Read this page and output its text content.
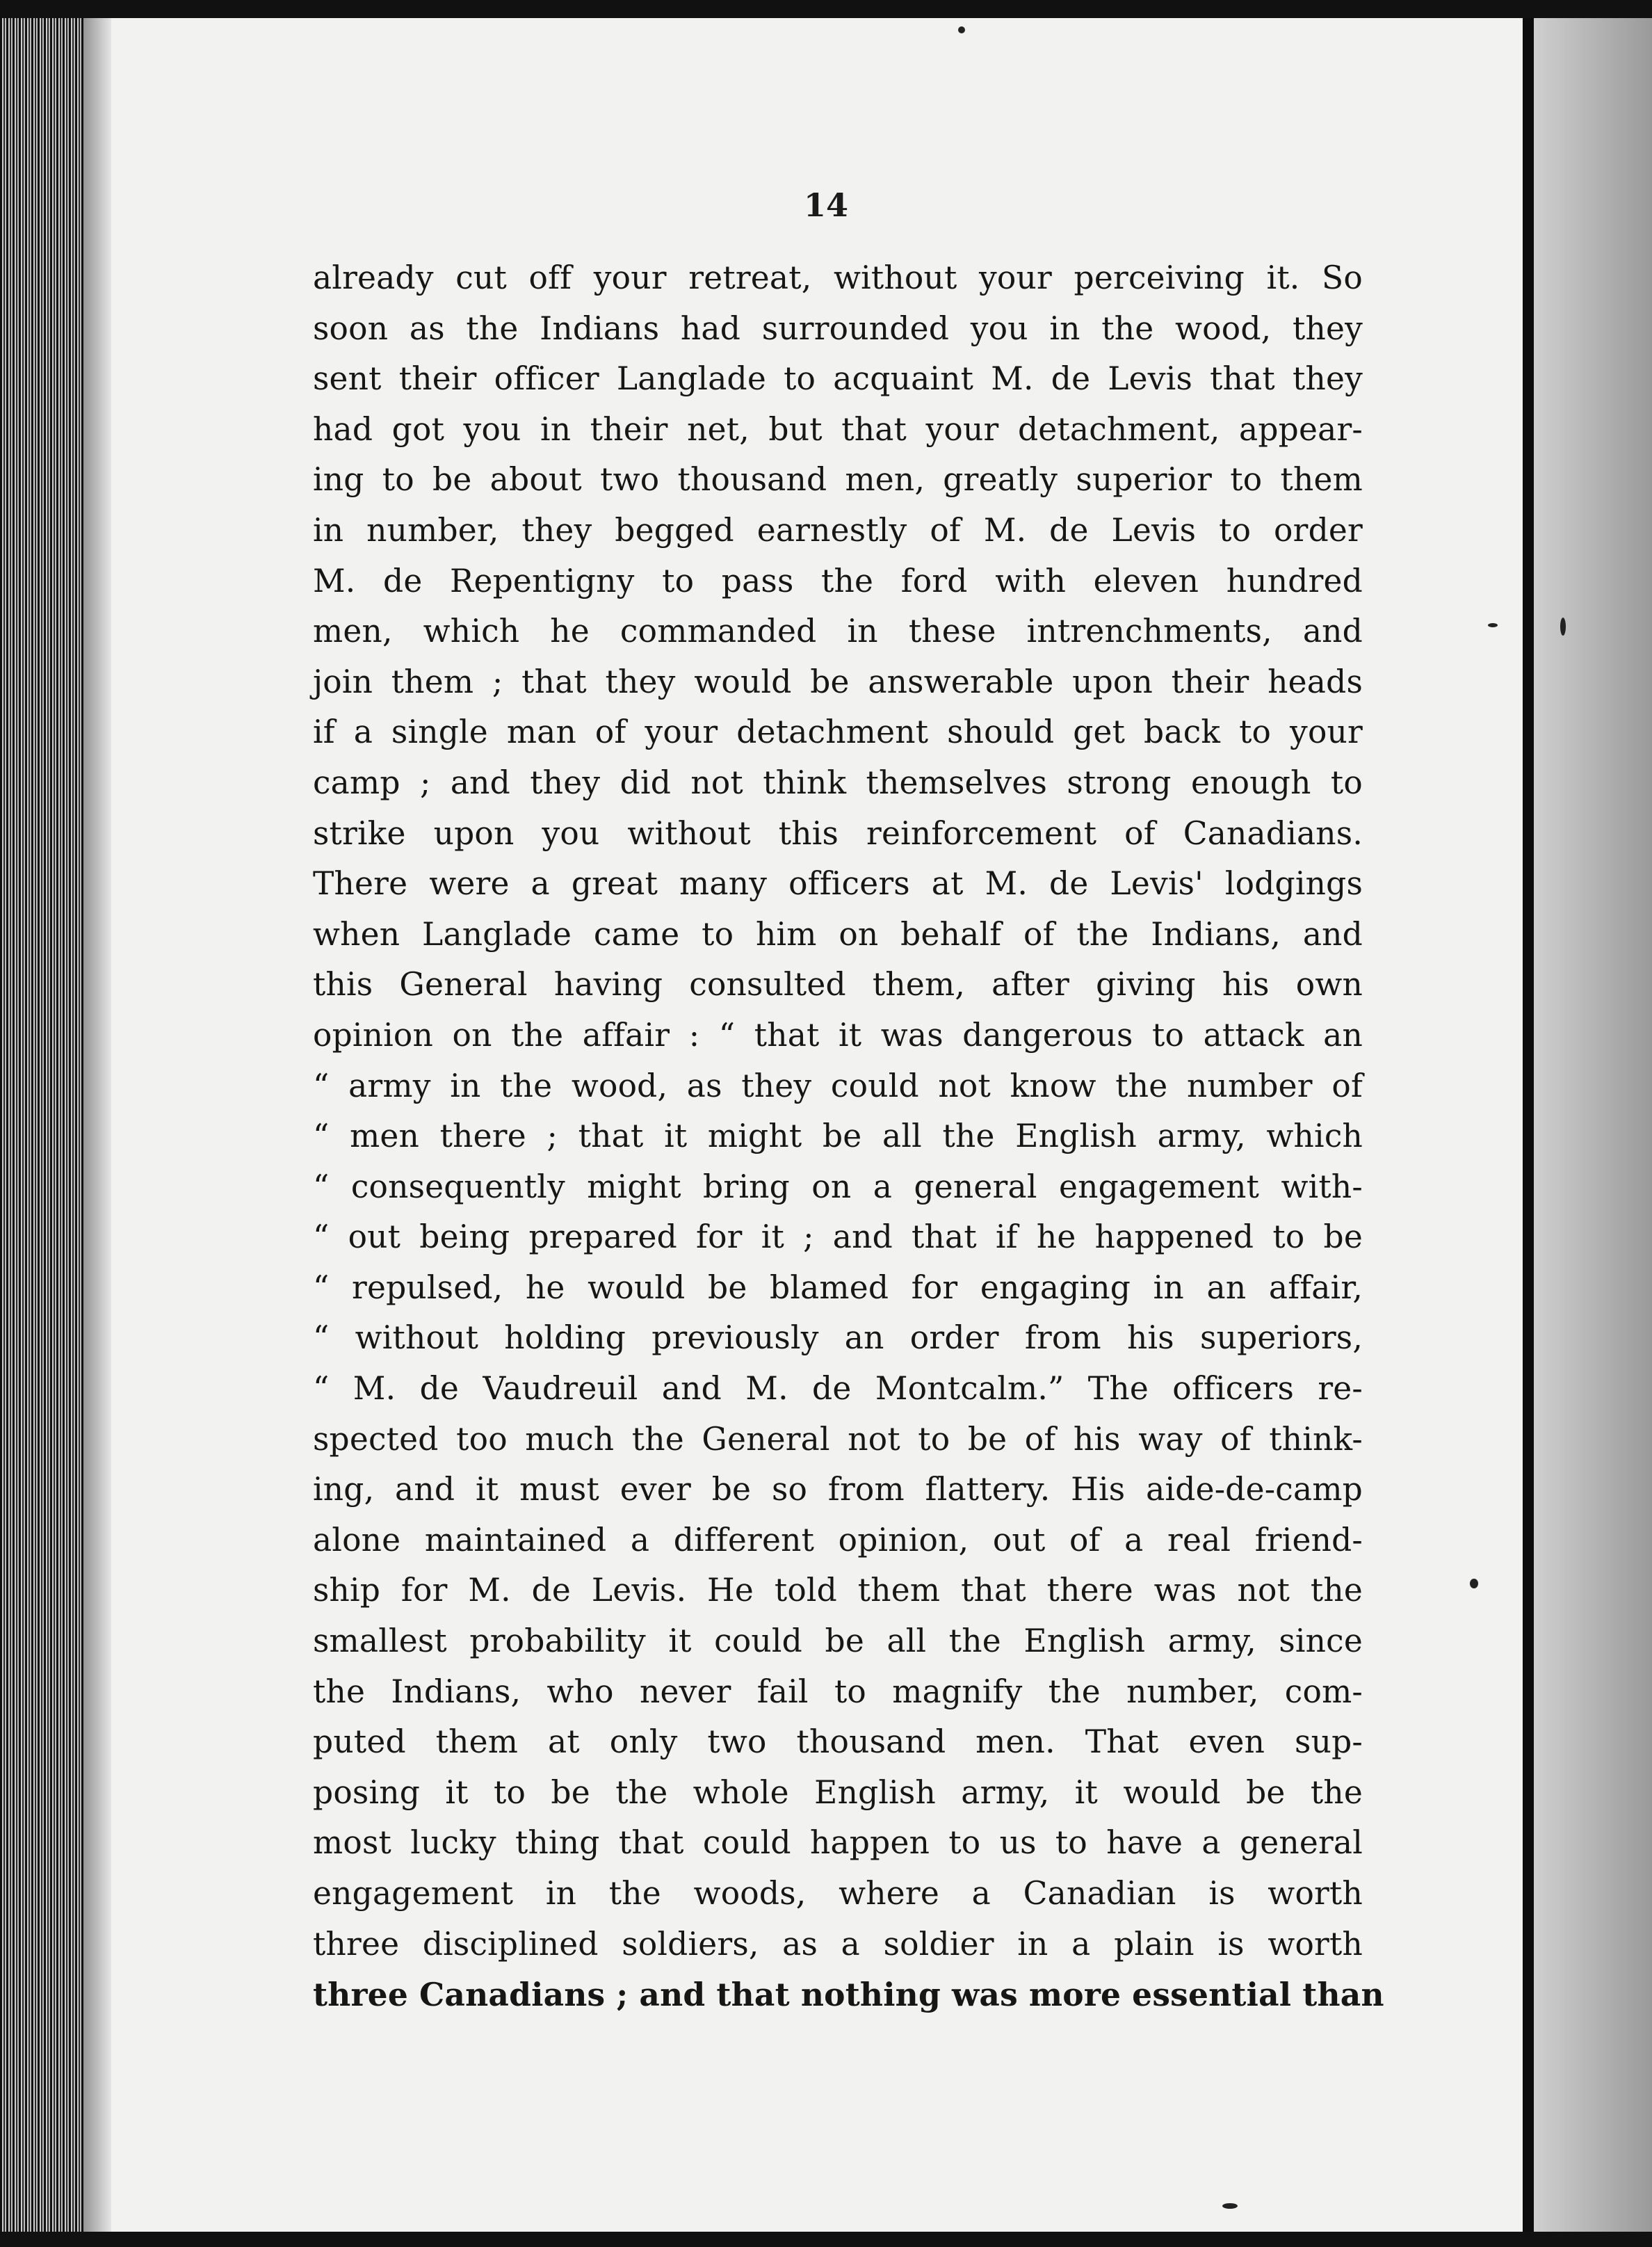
14
already cut off your retreat, without your perceiving it. So
soon as the Indians had surrounded you in the wood, they
sent their officer Langlade to acquaint M. de Levis that they
had got you in their net, but that your detachment, appear-
ing to be about two thousand men, greatly superior to them
in number, they begged earnestly of M. de Levis to order
M. de Repentigny to pass the ford with eleven hundred
men, which he commanded in these intrenchments, and
join them ; that they would be answerable upon their heads
if a single man of your detachment should get back to your
camp ; and they did not think themselves strong enough to
strike upon you without this reinforcement of Canadians.
There were a great many officers at M. de Levis' lodgings
when Langlade came to him on behalf of the Indians, and
this General having consulted them, after giving his own
opinion on the affair : “ that it was dangerous to attack an
“ army in the wood, as they could not know the number of
“ men there ; that it might be all the English army, which
“ consequently might bring on a general engagement with-
“ out being prepared for it ; and that if he happened to be
“ repulsed, he would be blamed for engaging in an affair,
“ without holding previously an order from his superiors,
“ M. de Vaudreuil and M. de Montcalm.” The officers re-
spected too much the General not to be of his way of think-
ing, and it must ever be so from flattery. His aide-de-camp
alone maintained a different opinion, out of a real friend-
ship for M. de Levis. He told them that there was not the
smallest probability it could be all the English army, since
the Indians, who never fail to magnify the number, com-
puted them at only two thousand men. That even sup-
posing it to be the whole English army, it would be the
most lucky thing that could happen to us to have a general
engagement in the woods, where a Canadian is worth
three disciplined soldiers, as a soldier in a plain is worth
three Canadians ; and that nothing was more essential than
